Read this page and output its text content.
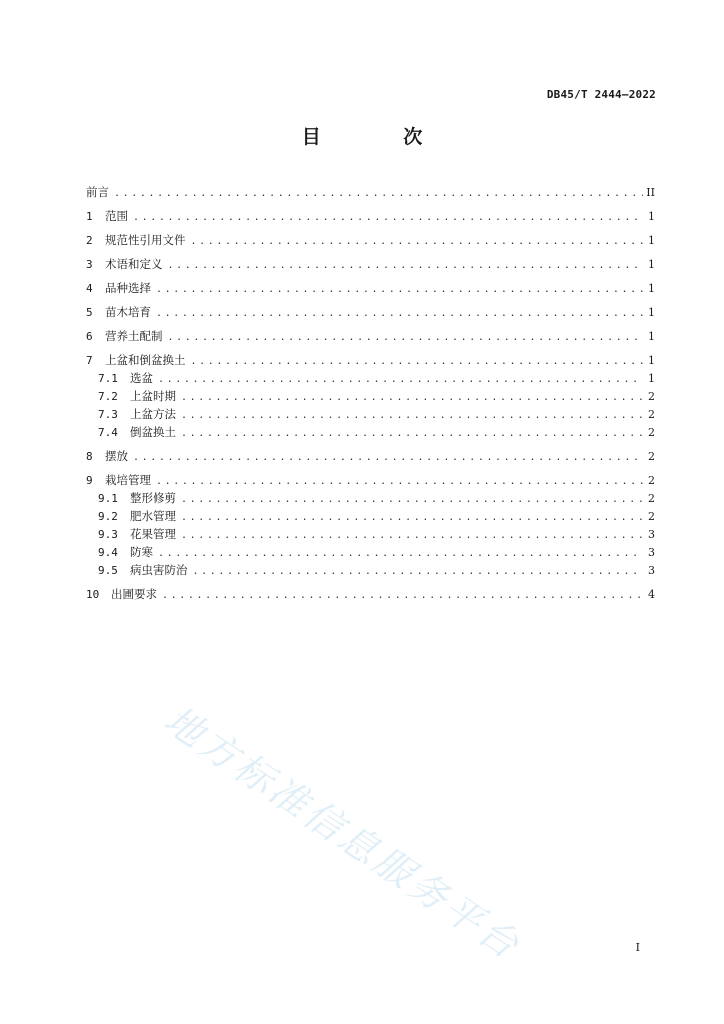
DB45/T 2444—2022
目 次
前言 .....	II
1	范围 .....	1
2	规范性引用文件 .....	1
3	术语和定义 .....	1
4	品种选择 .....	1
5	苗木培育 .....	1
6	营养土配制 .....	1
7	上盆和倒盆换土 .....	1
7.1	选盆 .....	1
7.2	上盆时期 .....	2
7.3	上盆方法 .....	2
7.4	倒盆换土 .....	2
8	摆放 .....	2
9	栽培管理 .....	2
9.1	整形修剪 .....	2
9.2	肥水管理 .....	2
9.3	花果管理 .....	3
9.4	防寒 .....	3
9.5	病虫害防治 .....	3
10	出圃要求 .....	4
地方标准信息服务平台	I
